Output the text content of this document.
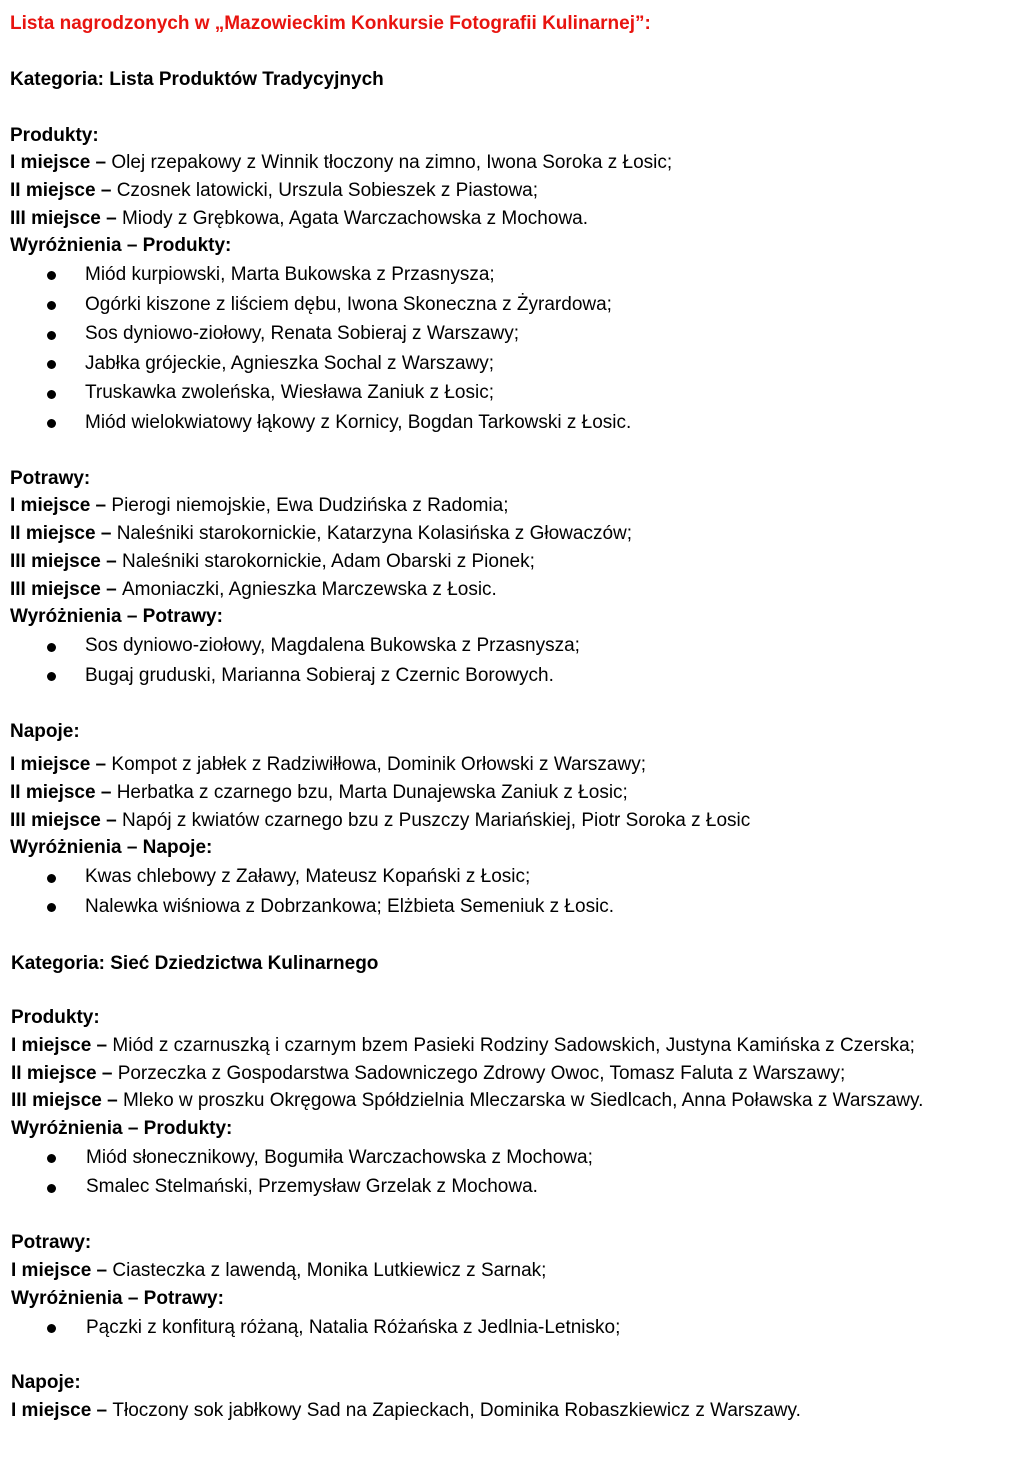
Lista nagrodzonych w „Mazowieckim Konkursie Fotografii Kulinarnej”:
Kategoria: Lista Produktów Tradycyjnych
Produkty:
I miejsce – Olej rzepakowy z Winnik tłoczony na zimno, Iwona Soroka z Łosic;
II miejsce – Czosnek latowicki, Urszula Sobieszek z Piastowa;
III miejsce – Miody z Grębkowa, Agata Warczachowska z Mochowa.
Wyróżnienia – Produkty:
Miód kurpiowski, Marta Bukowska z Przasnysza;
Ogórki kiszone z liściem dębu, Iwona Skoneczna z Żyrardowa;
Sos dyniowo-ziołowy, Renata Sobieraj z Warszawy;
Jabłka grójeckie, Agnieszka Sochal z Warszawy;
Truskawka zwoleńska, Wiesława Zaniuk z Łosic;
Miód wielokwiatowy łąkowy z Kornicy, Bogdan Tarkowski z Łosic.
Potrawy:
I miejsce – Pierogi niemojskie, Ewa Dudzińska z Radomia;
II miejsce – Naleśniki starokornickie, Katarzyna Kolasińska z Głowaczów;
III miejsce – Naleśniki starokornickie, Adam Obarski z Pionek;
III miejsce – Amoniaczki, Agnieszka Marczewska z Łosic.
Wyróżnienia – Potrawy:
Sos dyniowo-ziołowy, Magdalena Bukowska z Przasnysza;
Bugaj gruduski, Marianna Sobieraj z Czernic Borowych.
Napoje:
I miejsce – Kompot z jabłek z Radziwiłłowa, Dominik Orłowski z Warszawy;
II miejsce – Herbatka z czarnego bzu, Marta Dunajewska Zaniuk z Łosic;
III miejsce – Napój z kwiatów czarnego bzu z Puszczy Mariańskiej, Piotr Soroka z Łosic
Wyróżnienia – Napoje:
Kwas chlebowy z Załawy, Mateusz Kopański z Łosic;
Nalewka wiśniowa z Dobrzankowa; Elżbieta Semeniuk z Łosic.
Kategoria: Sieć Dziedzictwa Kulinarnego
Produkty:
I miejsce – Miód z czarnuszką i czarnym bzem Pasieki Rodziny Sadowskich, Justyna Kamińska z Czerska;
II miejsce – Porzeczka z Gospodarstwa Sadowniczego Zdrowy Owoc, Tomasz Faluta z Warszawy;
III miejsce – Mleko w proszku Okręgowa Spółdzielnia Mleczarska w Siedlcach, Anna Poławska z Warszawy.
Wyróżnienia – Produkty:
Miód słonecznikowy, Bogumiła Warczachowska z Mochowa;
Smalec Stelmański, Przemysław Grzelak z Mochowa.
Potrawy:
I miejsce – Ciasteczka z lawendą, Monika Lutkiewicz z Sarnak;
Wyróżnienia – Potrawy:
Pączki z konfiturą różaną, Natalia Różańska z Jedlnia-Letnisko;
Napoje:
I miejsce – Tłoczony sok jabłkowy Sad na Zapieckach, Dominika Robaszkiewicz z Warszawy.
